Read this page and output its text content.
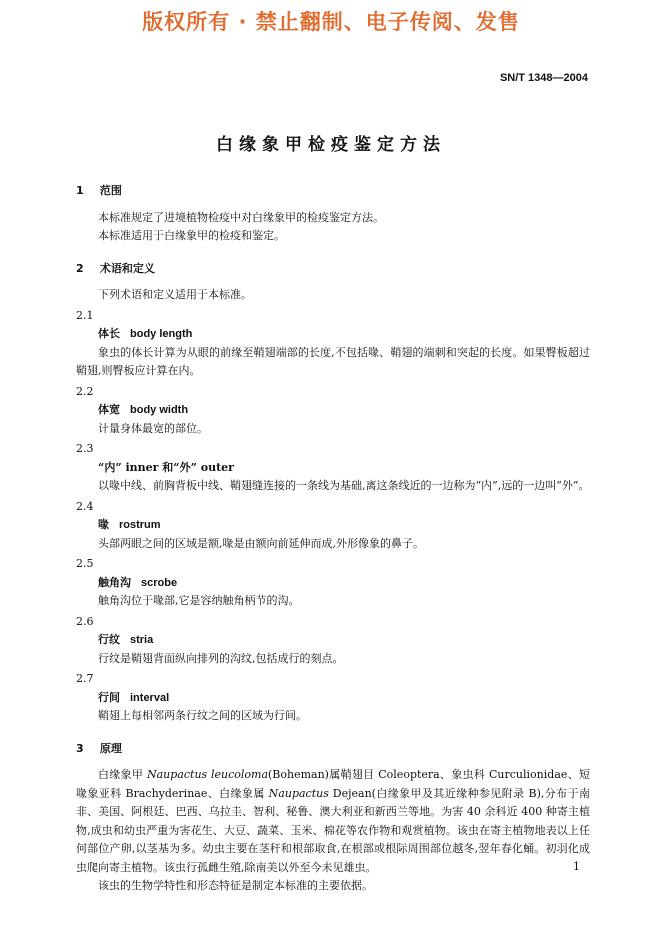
版权所有 · 禁止翻制、电子传阅、发售
SN/T 1348—2004
白缘象甲检疫鉴定方法
1 范围

本标准规定了进境植物检疫中对白缘象甲的检疫鉴定方法。

本标准适用于白缘象甲的检疫和鉴定。

2 术语和定义

下列术语和定义适用于本标准。

2.1
体长 body length
象虫的体长计算为从眼的前缘至鞘翅端部的长度,不包括喙、鞘翅的端刺和突起的长度。如果臀板超过鞘翅,则臀板应计算在内。
2.2
体宽 body width
计量身体最宽的部位。
2.3
“内” inner 和“外” outer
以喙中线、前胸背板中线、鞘翅缝连接的一条线为基础,离这条线近的一边称为“内”,远的一边叫“外”。
2.4
喙 rostrum
头部两眼之间的区域是额,喙是由额向前延伸而成,外形像象的鼻子。
2.5
触角沟 scrobe
触角沟位于喙部,它是容纳触角柄节的沟。
2.6
行纹 stria
行纹是鞘翅背面纵向排列的沟纹,包括成行的刻点。
2.7
行间 interval
鞘翅上每相邻两条行纹之间的区域为行间。
3 原理

白缘象甲 Naupactus leucoloma(Boheman)属鞘翅目 Coleoptera、象虫科 Curculionidae、短喙象亚科 Brachyderinae、白缘象属 Naupactus Dejean(白缘象甲及其近缘种参见附录 B),分布于南非、美国、阿根廷、巴西、乌拉圭、智利、秘鲁、澳大利亚和新西兰等地。为害 40 余科近 400 种寄主植物,成虫和幼虫严重为害花生、大豆、蔬菜、玉米、棉花等农作物和观赏植物。该虫在寄主植物地表以上任何部位产卵,以茎基为多。幼虫主要在茎秆和根部取食,在根部或根际周围部位越冬,翌年春化蛹。初羽化成虫爬向寄主植物。该虫行孤雌生殖,除南美以外至今未见雄虫。

该虫的生物学特性和形态特征是制定本标准的主要依据。

1
